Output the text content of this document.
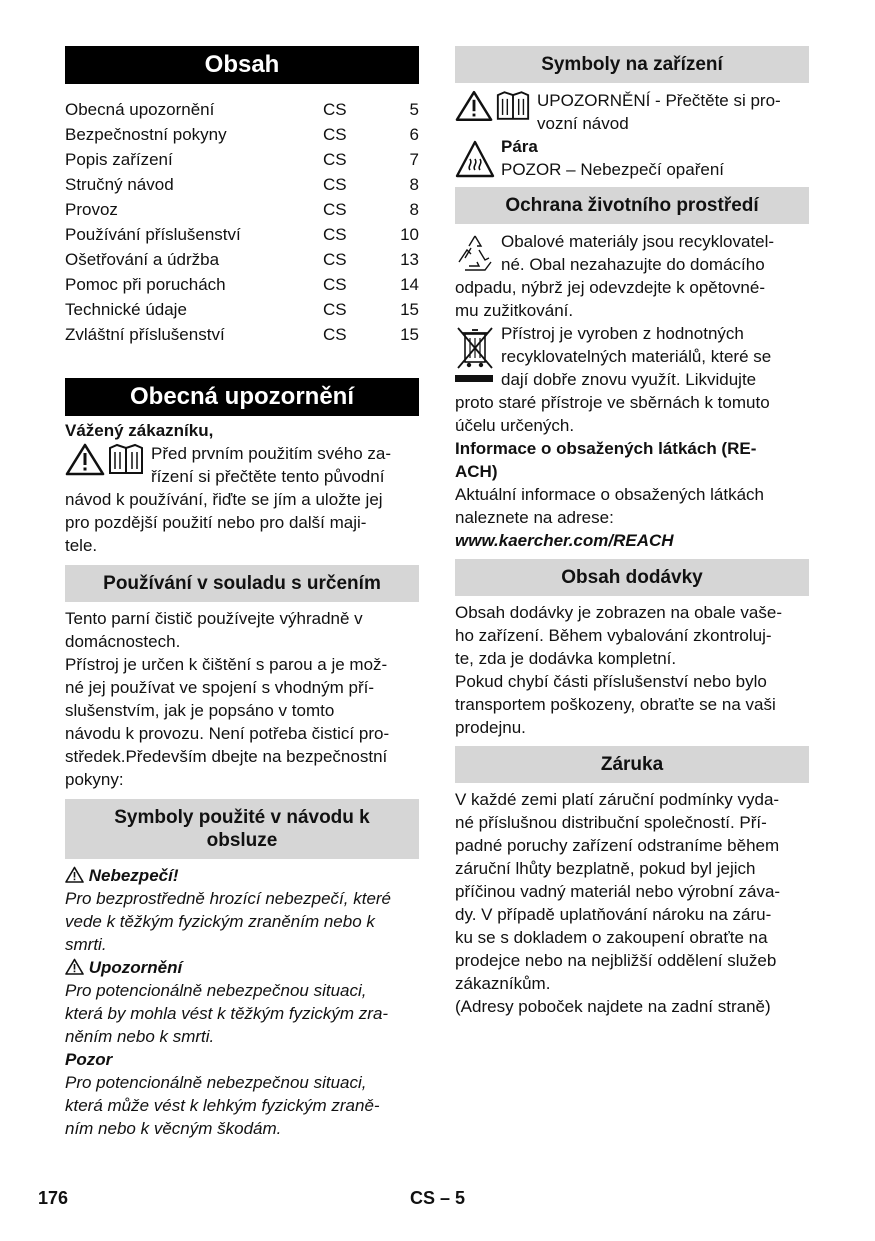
Obsah
Obecná upozornění	CS	5
Bezpečnostní pokyny	CS	6
Popis zařízení	CS	7
Stručný návod	CS	8
Provoz	CS	8
Používání příslušenství	CS	10
Ošetřování a údržba	CS	13
Pomoc při poruchách	CS	14
Technické údaje	CS	15
Zvláštní příslušenství	CS	15
Obecná upozornění

Vážený zákazníku,

Před prvním použitím svého za-

řízení si přečtěte tento původní

návod k používání, řiďte se jím a uložte jej

pro pozdější použití nebo pro další maji-

tele.

Používání v souladu s určením

Tento parní čistič používejte výhradně v

domácnostech.

Přístroj je určen k čištění s parou a je mož-

né jej používat ve spojení s vhodným pří-

slušenstvím, jak je popsáno v tomto

návodu k provozu. Není potřeba čisticí pro-

středek.Především dbejte na bezpečnostní

pokyny:

Symboly použité v návodu k
obsluze

Nebezpečí!

Pro bezprostředně hrozící nebezpečí, které

vede k těžkým fyzickým zraněním nebo k

smrti.

Upozornění

Pro potencionálně nebezpečnou situaci,

která by mohla vést k těžkým fyzickým zra-

něním nebo k smrti.

Pozor

Pro potencionálně nebezpečnou situaci,

která může vést k lehkým fyzickým zraně-

ním nebo k věcným škodám.

Symboly na zařízení

UPOZORNĚNÍ - Přečtěte si pro-

vozní návod

Pára

POZOR – Nebezpečí opaření

Ochrana životního prostředí

Obalové materiály jsou recyklovatel-

né. Obal nezahazujte do domácího

odpadu, nýbrž jej odevzdejte k opětovné-

mu zužitkování.

Přístroj je vyroben z hodnotných

recyklovatelných materiálů, které se

dají dobře znovu využít. Likvidujte

proto staré přístroje ve sběrnách k tomuto

účelu určených.

Informace o obsažených látkách (RE-

ACH)

Aktuální informace o obsažených látkách

naleznete na adrese:

www.kaercher.com/REACH

Obsah dodávky

Obsah dodávky je zobrazen na obale vaše-

ho zařízení. Během vybalování zkontroluj-

te, zda je dodávka kompletní.

Pokud chybí části příslušenství nebo bylo

transportem poškozeny, obraťte se na vaši

prodejnu.

Záruka

V každé zemi platí záruční podmínky vyda-

né příslušnou distribuční společností. Pří-

padné poruchy zařízení odstraníme během

záruční lhůty bezplatně, pokud byl jejich

příčinou vadný materiál nebo výrobní záva-

dy. V případě uplatňování nároku na záru-

ku se s dokladem o zakoupení obraťte na

prodejce nebo na nejbližší oddělení služeb

zákazníkům.

(Adresy poboček najdete na zadní straně)

176	CS – 5
